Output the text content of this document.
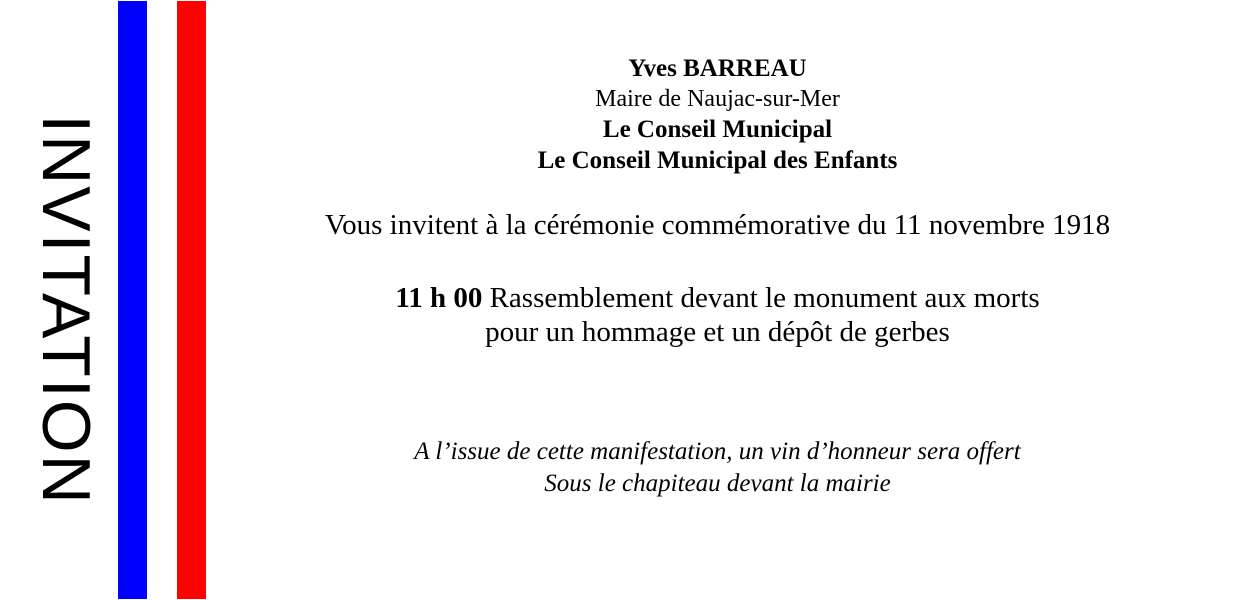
INVITATION
Yves BARREAU
Maire de Naujac-sur-Mer
Le Conseil Municipal
Le Conseil Municipal des Enfants
Vous invitent à la cérémonie commémorative du 11 novembre 1918
11 h 00 Rassemblement devant le monument aux morts
pour un hommage et un dépôt de gerbes
A l’issue de cette manifestation, un vin d’honneur sera offert
Sous le chapiteau devant la mairie
